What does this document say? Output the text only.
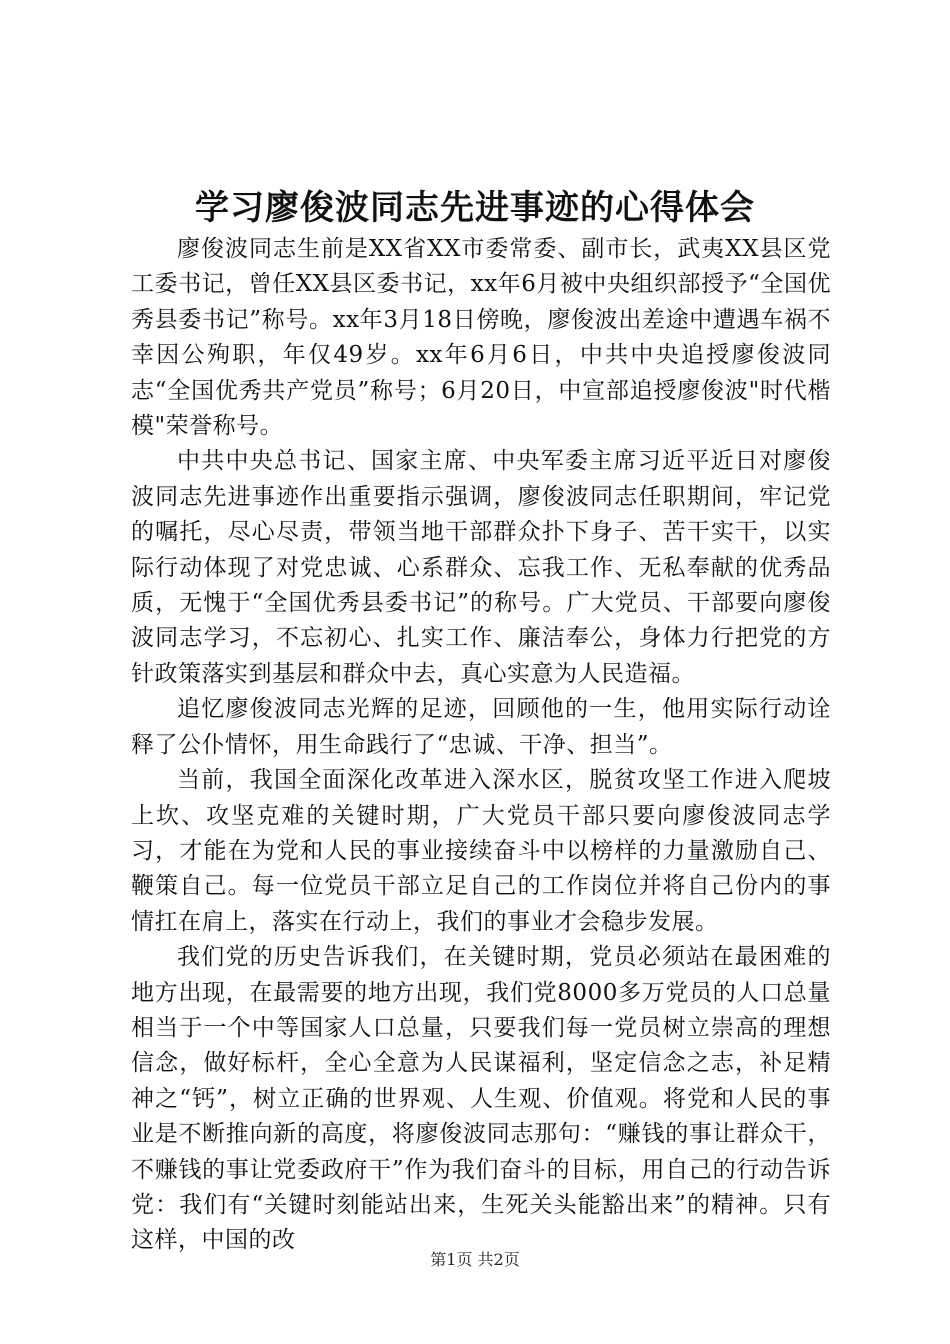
学习廖俊波同志先进事迹的心得体会

廖俊波同志生前是XX省XX市委常委、副市长，武夷XX县区党工委书记，曾任XX县区委书记，xx年6月被中央组织部授予“全国优秀县委书记”称号。xx年3月18日傍晚，廖俊波出差途中遭遇车祸不幸因公殉职，年仅49岁。xx年6月6日，中共中央追授廖俊波同志“全国优秀共产党员”称号；6月20日，中宣部追授廖俊波"时代楷模"荣誉称号。

中共中央总书记、国家主席、中央军委主席习近平近日对廖俊波同志先进事迹作出重要指示强调，廖俊波同志任职期间，牢记党的嘱托，尽心尽责，带领当地干部群众扑下身子、苦干实干，以实际行动体现了对党忠诚、心系群众、忘我工作、无私奉献的优秀品质，无愧于“全国优秀县委书记”的称号。广大党员、干部要向廖俊波同志学习，不忘初心、扎实工作、廉洁奉公，身体力行把党的方针政策落实到基层和群众中去，真心实意为人民造福。

追忆廖俊波同志光辉的足迹，回顾他的一生，他用实际行动诠释了公仆情怀，用生命践行了“忠诚、干净、担当”。

当前，我国全面深化改革进入深水区，脱贫攻坚工作进入爬坡上坎、攻坚克难的关键时期，广大党员干部只要向廖俊波同志学习，才能在为党和人民的事业接续奋斗中以榜样的力量激励自己、鞭策自己。每一位党员干部立足自己的工作岗位并将自己份内的事情扛在肩上，落实在行动上，我们的事业才会稳步发展。

我们党的历史告诉我们，在关键时期，党员必须站在最困难的地方出现，在最需要的地方出现，我们党8000多万党员的人口总量相当于一个中等国家人口总量，只要我们每一党员树立崇高的理想信念，做好标杆，全心全意为人民谋福利，坚定信念之志，补足精神之“钙”，树立正确的世界观、人生观、价值观。将党和人民的事业是不断推向新的高度，将廖俊波同志那句：“赚钱的事让群众干，不赚钱的事让党委政府干”作为我们奋斗的目标，用自己的行动告诉党：我们有“关键时刻能站出来，生死关头能豁出来”的精神。只有这样，中国的改

第1页 共2页
